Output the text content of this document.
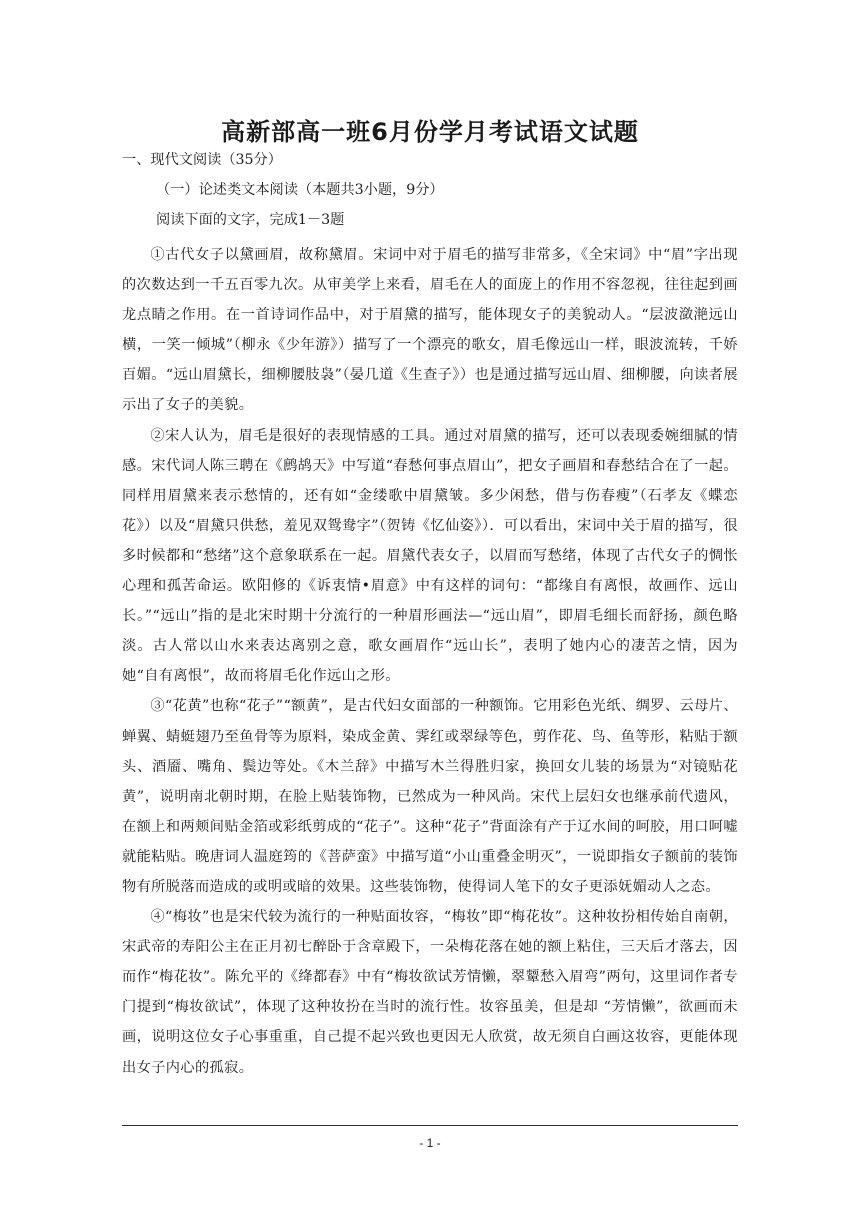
高新部高一班6月份学月考试语文试题
一、现代文阅读（35分）
（一）论述类文本阅读（本题共3小题，9分）
阅读下面的文字，完成1－3题

①古代女子以黛画眉，故称黛眉。宋词中对于眉毛的描写非常多，《全宋词》中“眉”字出现的次数达到一千五百零九次。从审美学上来看，眉毛在人的面庞上的作用不容忽视，往往起到画龙点睛之作用。在一首诗词作品中，对于眉黛的描写，能体现女子的美貌动人。“层波潋滟远山横，一笑一倾城”（柳永《少年游》）描写了一个漂亮的歌女，眉毛像远山一样，眼波流转，千娇百媚。“远山眉黛长，细柳腰肢袅”（晏几道《生查子》）也是通过描写远山眉、细柳腰，向读者展示出了女子的美貌。

②宋人认为，眉毛是很好的表现情感的工具。通过对眉黛的描写，还可以表现委婉细腻的情感。宋代词人陈三聘在《鹧鸪天》中写道“春愁何事点眉山”，把女子画眉和春愁结合在了一起。同样用眉黛来表示愁情的，还有如“金缕歌中眉黛皱。多少闲愁，借与伤春瘦”（石孝友《蝶恋花》）以及“眉黛只供愁，羞见双鸳鸯字”（贺铸《忆仙姿》）．可以看出，宋词中关于眉的描写，很多时候都和“愁绪”这个意象联系在一起。眉黛代表女子，以眉而写愁绪，体现了古代女子的惆怅心理和孤苦命运。欧阳修的《诉衷情•眉意》中有这样的词句：“都缘自有离恨，故画作、远山长。”“远山”指的是北宋时期十分流行的一种眉形画法—“远山眉”，即眉毛细长而舒扬，颜色略淡。古人常以山水来表达离别之意，歌女画眉作“远山长”，表明了她内心的凄苦之情，因为她“自有离恨”，故而将眉毛化作远山之形。

③“花黄”也称“花子”“额黄”，是古代妇女面部的一种额饰。它用彩色光纸、绸罗、云母片、蝉翼、蜻蜓翅乃至鱼骨等为原料，染成金黄、霁红或翠绿等色，剪作花、鸟、鱼等形，粘贴于额头、酒靥、嘴角、鬓边等处。《木兰辞》中描写木兰得胜归家，换回女儿装的场景为“对镜贴花黄”，说明南北朝时期，在脸上贴装饰物，已然成为一种风尚。宋代上层妇女也继承前代遗风，在额上和两颊间贴金箔或彩纸剪成的“花子”。这种“花子”背面涂有产于辽水间的呵胶，用口呵嘘就能粘贴。晚唐词人温庭筠的《菩萨蛮》中描写道“小山重叠金明灭”，一说即指女子额前的装饰物有所脱落而造成的或明或暗的效果。这些装饰物，使得词人笔下的女子更添妩媚动人之态。

④“梅妆”也是宋代较为流行的一种贴面妆容，“梅妆”即“梅花妆”。这种妆扮相传始自南朝，宋武帝的寿阳公主在正月初七醉卧于含章殿下，一朵梅花落在她的额上粘住，三天后才落去，因而作“梅花妆”。陈允平的《绛都春》中有“梅妆欲试芳情懒，翠颦愁入眉弯”两句，这里词作者专门提到“梅妆欲试”，体现了这种妆扮在当时的流行性。妆容虽美，但是却 “芳情懒”，欲画而未画，说明这位女子心事重重，自己提不起兴致也更因无人欣赏，故无须自白画这妆容，更能体现出女子内心的孤寂。

- 1 -
